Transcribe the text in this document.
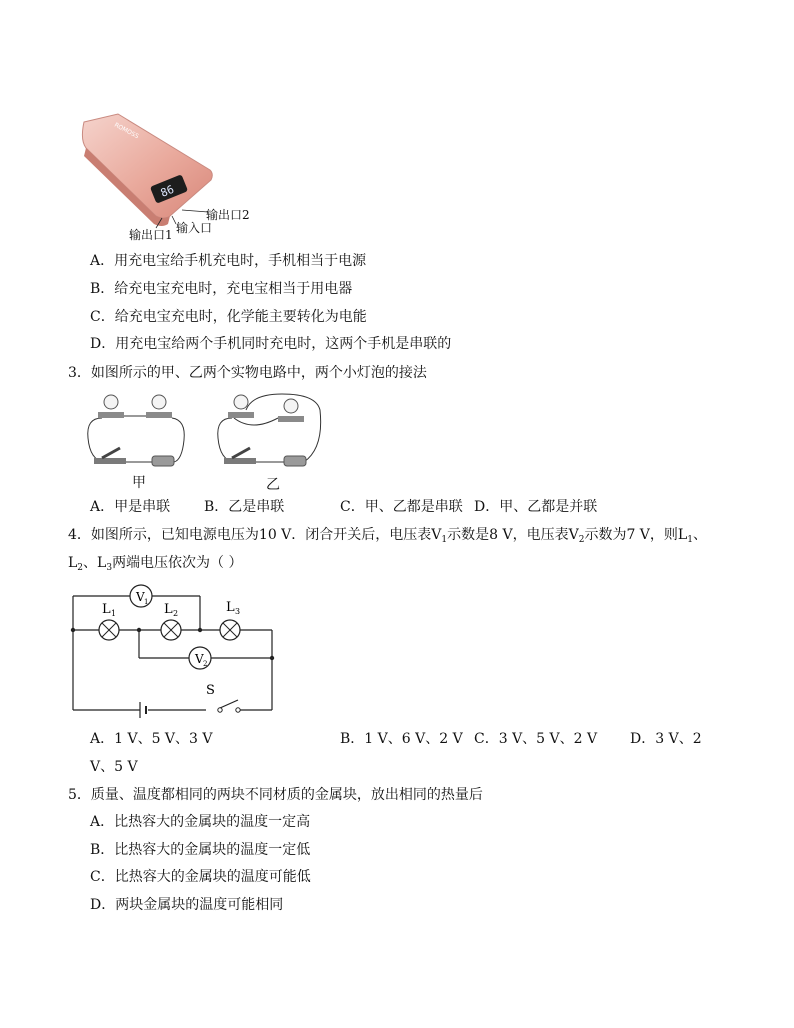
86
ROMOSS
输出口2
输入口
输出口1
A．用充电宝给手机充电时，手机相当于电源
B．给充电宝充电时，充电宝相当于用电器
C．给充电宝充电时，化学能主要转化为电能
D．用充电宝给两个手机同时充电时，这两个手机是串联的
3．如图所示的甲、乙两个实物电路中，两个小灯泡的接法
甲	乙
A．甲是串联 B．乙是串联	C．甲、乙都是串联 D．甲、乙都是并联
4．如图所示，已知电源电压为10 V．闭合开关后，电压表$V_1$示数是8 V，电压表$V_2$示数为7 V，则$L_1$、
$L_2$、$L_3$两端电压依次为（ ）
V 1
V 2
L 1	L 2	L 3
S
A．1 V、5 V、3 V	B．1 V、6 V、2 V C．3 V、5 V、2 V D．3 V、2
V、5 V
5．质量、温度都相同的两块不同材质的金属块，放出相同的热量后
A．比热容大的金属块的温度一定高
B．比热容大的金属块的温度一定低
C．比热容大的金属块的温度可能低
D．两块金属块的温度可能相同
